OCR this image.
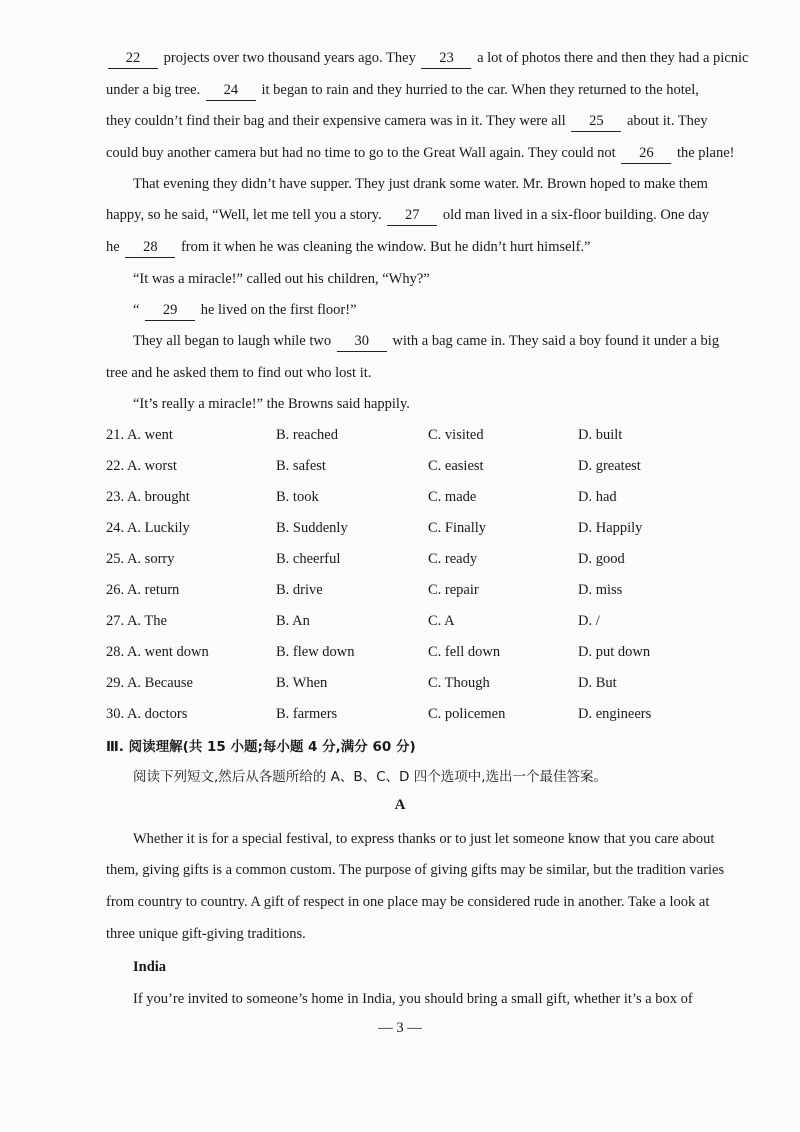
22 projects over two thousand years ago. They 23 a lot of photos there and then they had a picnic
under a big tree. 24 it began to rain and they hurried to the car. When they returned to the hotel,
they couldn’t find their bag and their expensive camera was in it. They were all 25 about it. They
could buy another camera but had no time to go to the Great Wall again. They could not 26 the plane!
That evening they didn’t have supper. They just drank some water. Mr. Brown hoped to make them
happy, so he said, “Well, let me tell you a story. 27 old man lived in a six-floor building. One day
he 28 from it when he was cleaning the window. But he didn’t hurt himself.”
“It was a miracle!” called out his children, “Why?”
“ 29 he lived on the first floor!”
They all began to laugh while two 30 with a bag came in. They said a boy found it under a big
tree and he asked them to find out who lost it.
“It’s really a miracle!” the Browns said happily.
21. A. went	B. reached	C. visited	D. built
22. A. worst	B. safest	C. easiest	D. greatest
23. A. brought	B. took	C. made	D. had
24. A. Luckily	B. Suddenly	C. Finally	D. Happily
25. A. sorry	B. cheerful	C. ready	D. good
26. A. return	B. drive	C. repair	D. miss
27. A. The	B. An	C. A	D. /
28. A. went down	B. flew down	C. fell down	D. put down
29. A. Because	B. When	C. Though	D. But
30. A. doctors	B. farmers	C. policemen	D. engineers
Ⅲ. 阅读理解(共 15 小题;每小题 4 分,满分 60 分)
阅读下列短文,然后从各题所给的 A、B、C、D 四个选项中,选出一个最佳答案。
A
Whether it is for a special festival, to express thanks or to just let someone know that you care about
them, giving gifts is a common custom. The purpose of giving gifts may be similar, but the tradition varies
from country to country. A gift of respect in one place may be considered rude in another. Take a look at
three unique gift-giving traditions.
India
If you’re invited to someone’s home in India, you should bring a small gift, whether it’s a box of
— 3 —
